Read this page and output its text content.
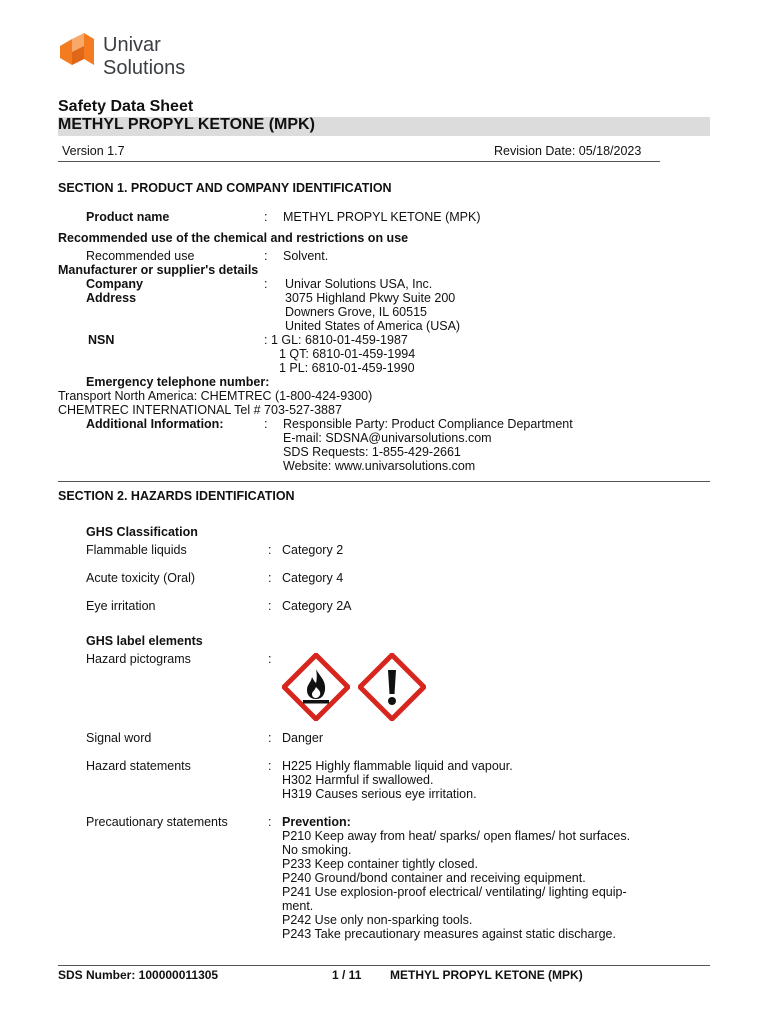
Univar
Solutions
Safety Data Sheet
METHYL PROPYL KETONE (MPK)
Version 1.7	Revision Date: 05/18/2023
SECTION 1. PRODUCT AND COMPANY IDENTIFICATION
Product name	: METHYL PROPYL KETONE (MPK)
Recommended use of the chemical and restrictions on use
Recommended use	: Solvent.
Manufacturer or supplier's details
Company	: Univar Solutions USA, Inc.
Address	3075 Highland Pkwy Suite 200
Downers Grove, IL 60515
United States of America (USA)
NSN	: 1 GL: 6810-01-459-1987
1 QT: 6810-01-459-1994
1 PL: 6810-01-459-1990
Emergency telephone number:
Transport North America: CHEMTREC (1-800-424-9300)
CHEMTREC INTERNATIONAL Tel # 703-527-3887
Additional Information:	: Responsible Party: Product Compliance Department
E-mail: SDSNA@univarsolutions.com
SDS Requests: 1-855-429-2661
Website: www.univarsolutions.com
SECTION 2. HAZARDS IDENTIFICATION
GHS Classification
Flammable liquids	: Category 2
Acute toxicity (Oral)	: Category 4
Eye irritation	: Category 2A
GHS label elements
Hazard pictograms	:
Signal word	: Danger
Hazard statements	: H225 Highly flammable liquid and vapour.
H302 Harmful if swallowed.
H319 Causes serious eye irritation.
Precautionary statements	: Prevention:
P210 Keep away from heat/ sparks/ open flames/ hot surfaces.
No smoking.
P233 Keep container tightly closed.
P240 Ground/bond container and receiving equipment.
P241 Use explosion-proof electrical/ ventilating/ lighting equip-
ment.
P242 Use only non-sparking tools.
P243 Take precautionary measures against static discharge.
SDS Number: 100000011305	1 / 11 METHYL PROPYL KETONE (MPK)
